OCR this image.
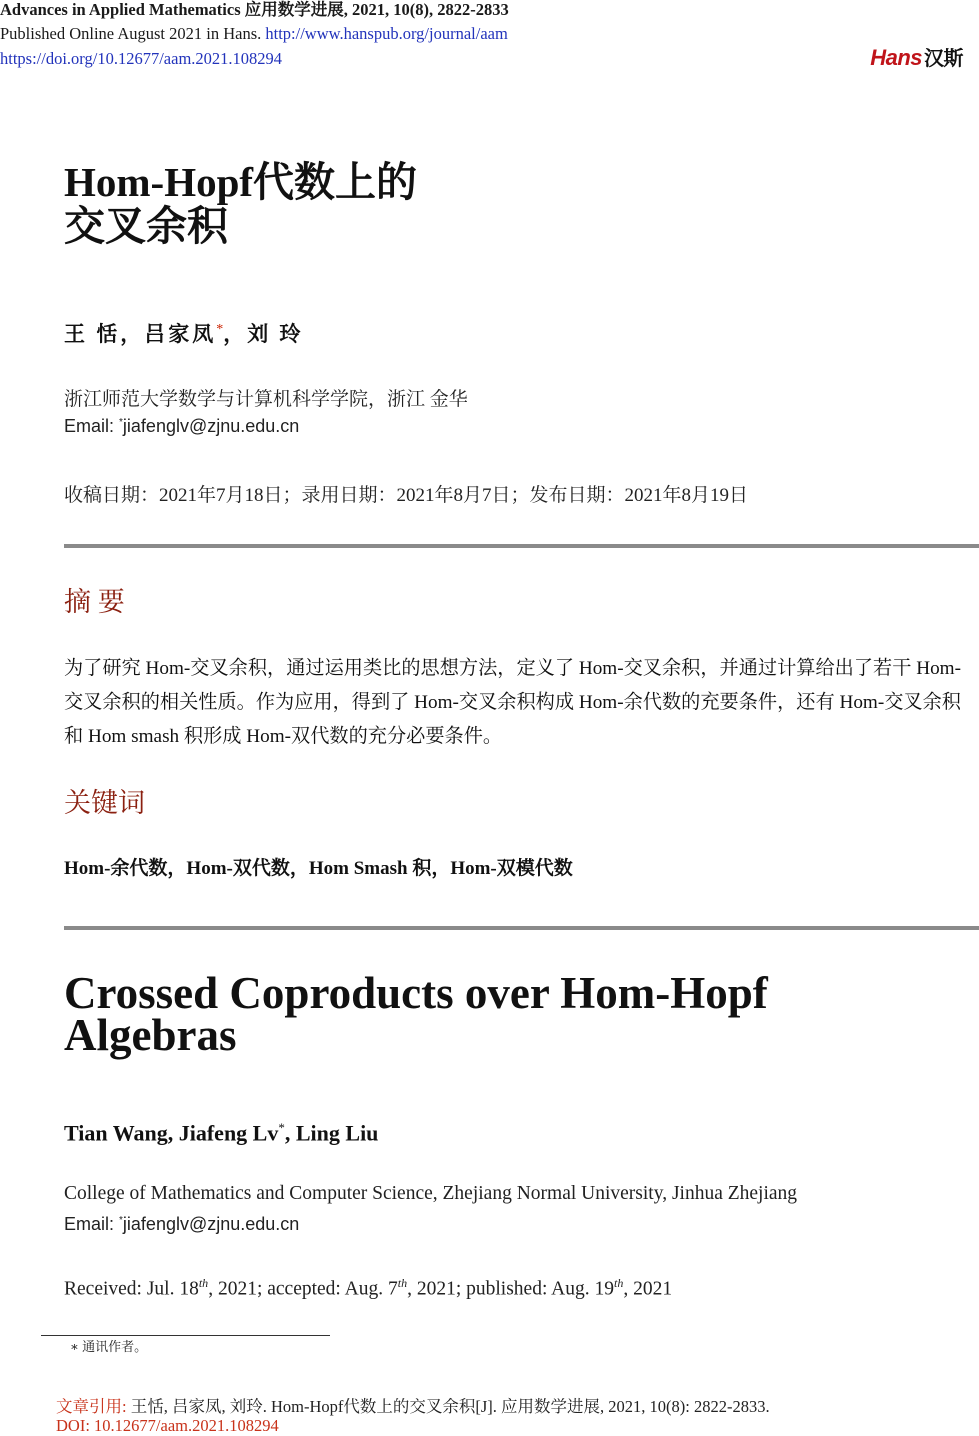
Advances in Applied Mathematics 应用数学进展, 2021, 10(8), 2822-2833
Published Online August 2021 in Hans. http://www.hanspub.org/journal/aam
https://doi.org/10.12677/aam.2021.108294	Hans 汉斯
Hom-Hopf代数上的
交叉余积
王 恬，吕家凤*，刘 玲
浙江师范大学数学与计算机科学学院，浙江 金华
Email: *jiafenglv@zjnu.edu.cn
收稿日期：2021年7月18日；录用日期：2021年8月7日；发布日期：2021年8月19日
摘 要
为了研究 Hom-交叉余积，通过运用类比的思想方法，定义了 Hom-交叉余积，并通过计算给出了若干 Hom-交叉余积的相关性质。作为应用，得到了 Hom-交叉余积构成 Hom-余代数的充要条件，还有 Hom-交叉余积和 Hom smash 积形成 Hom-双代数的充分必要条件。
关键词
Hom-余代数，Hom-双代数，Hom Smash 积，Hom-双模代数
Crossed Coproducts over Hom-Hopf
Algebras
Tian Wang, Jiafeng Lv*, Ling Liu
College of Mathematics and Computer Science, Zhejiang Normal University, Jinhua Zhejiang
Email: *jiafenglv@zjnu.edu.cn
Received: Jul. 18th, 2021; accepted: Aug. 7th, 2021; published: Aug. 19th, 2021
∗ 通讯作者。
文章引用: 王恬, 吕家凤, 刘玲. Hom-Hopf代数上的交叉余积[J]. 应用数学进展, 2021, 10(8): 2822-2833.
DOI: 10.12677/aam.2021.108294
